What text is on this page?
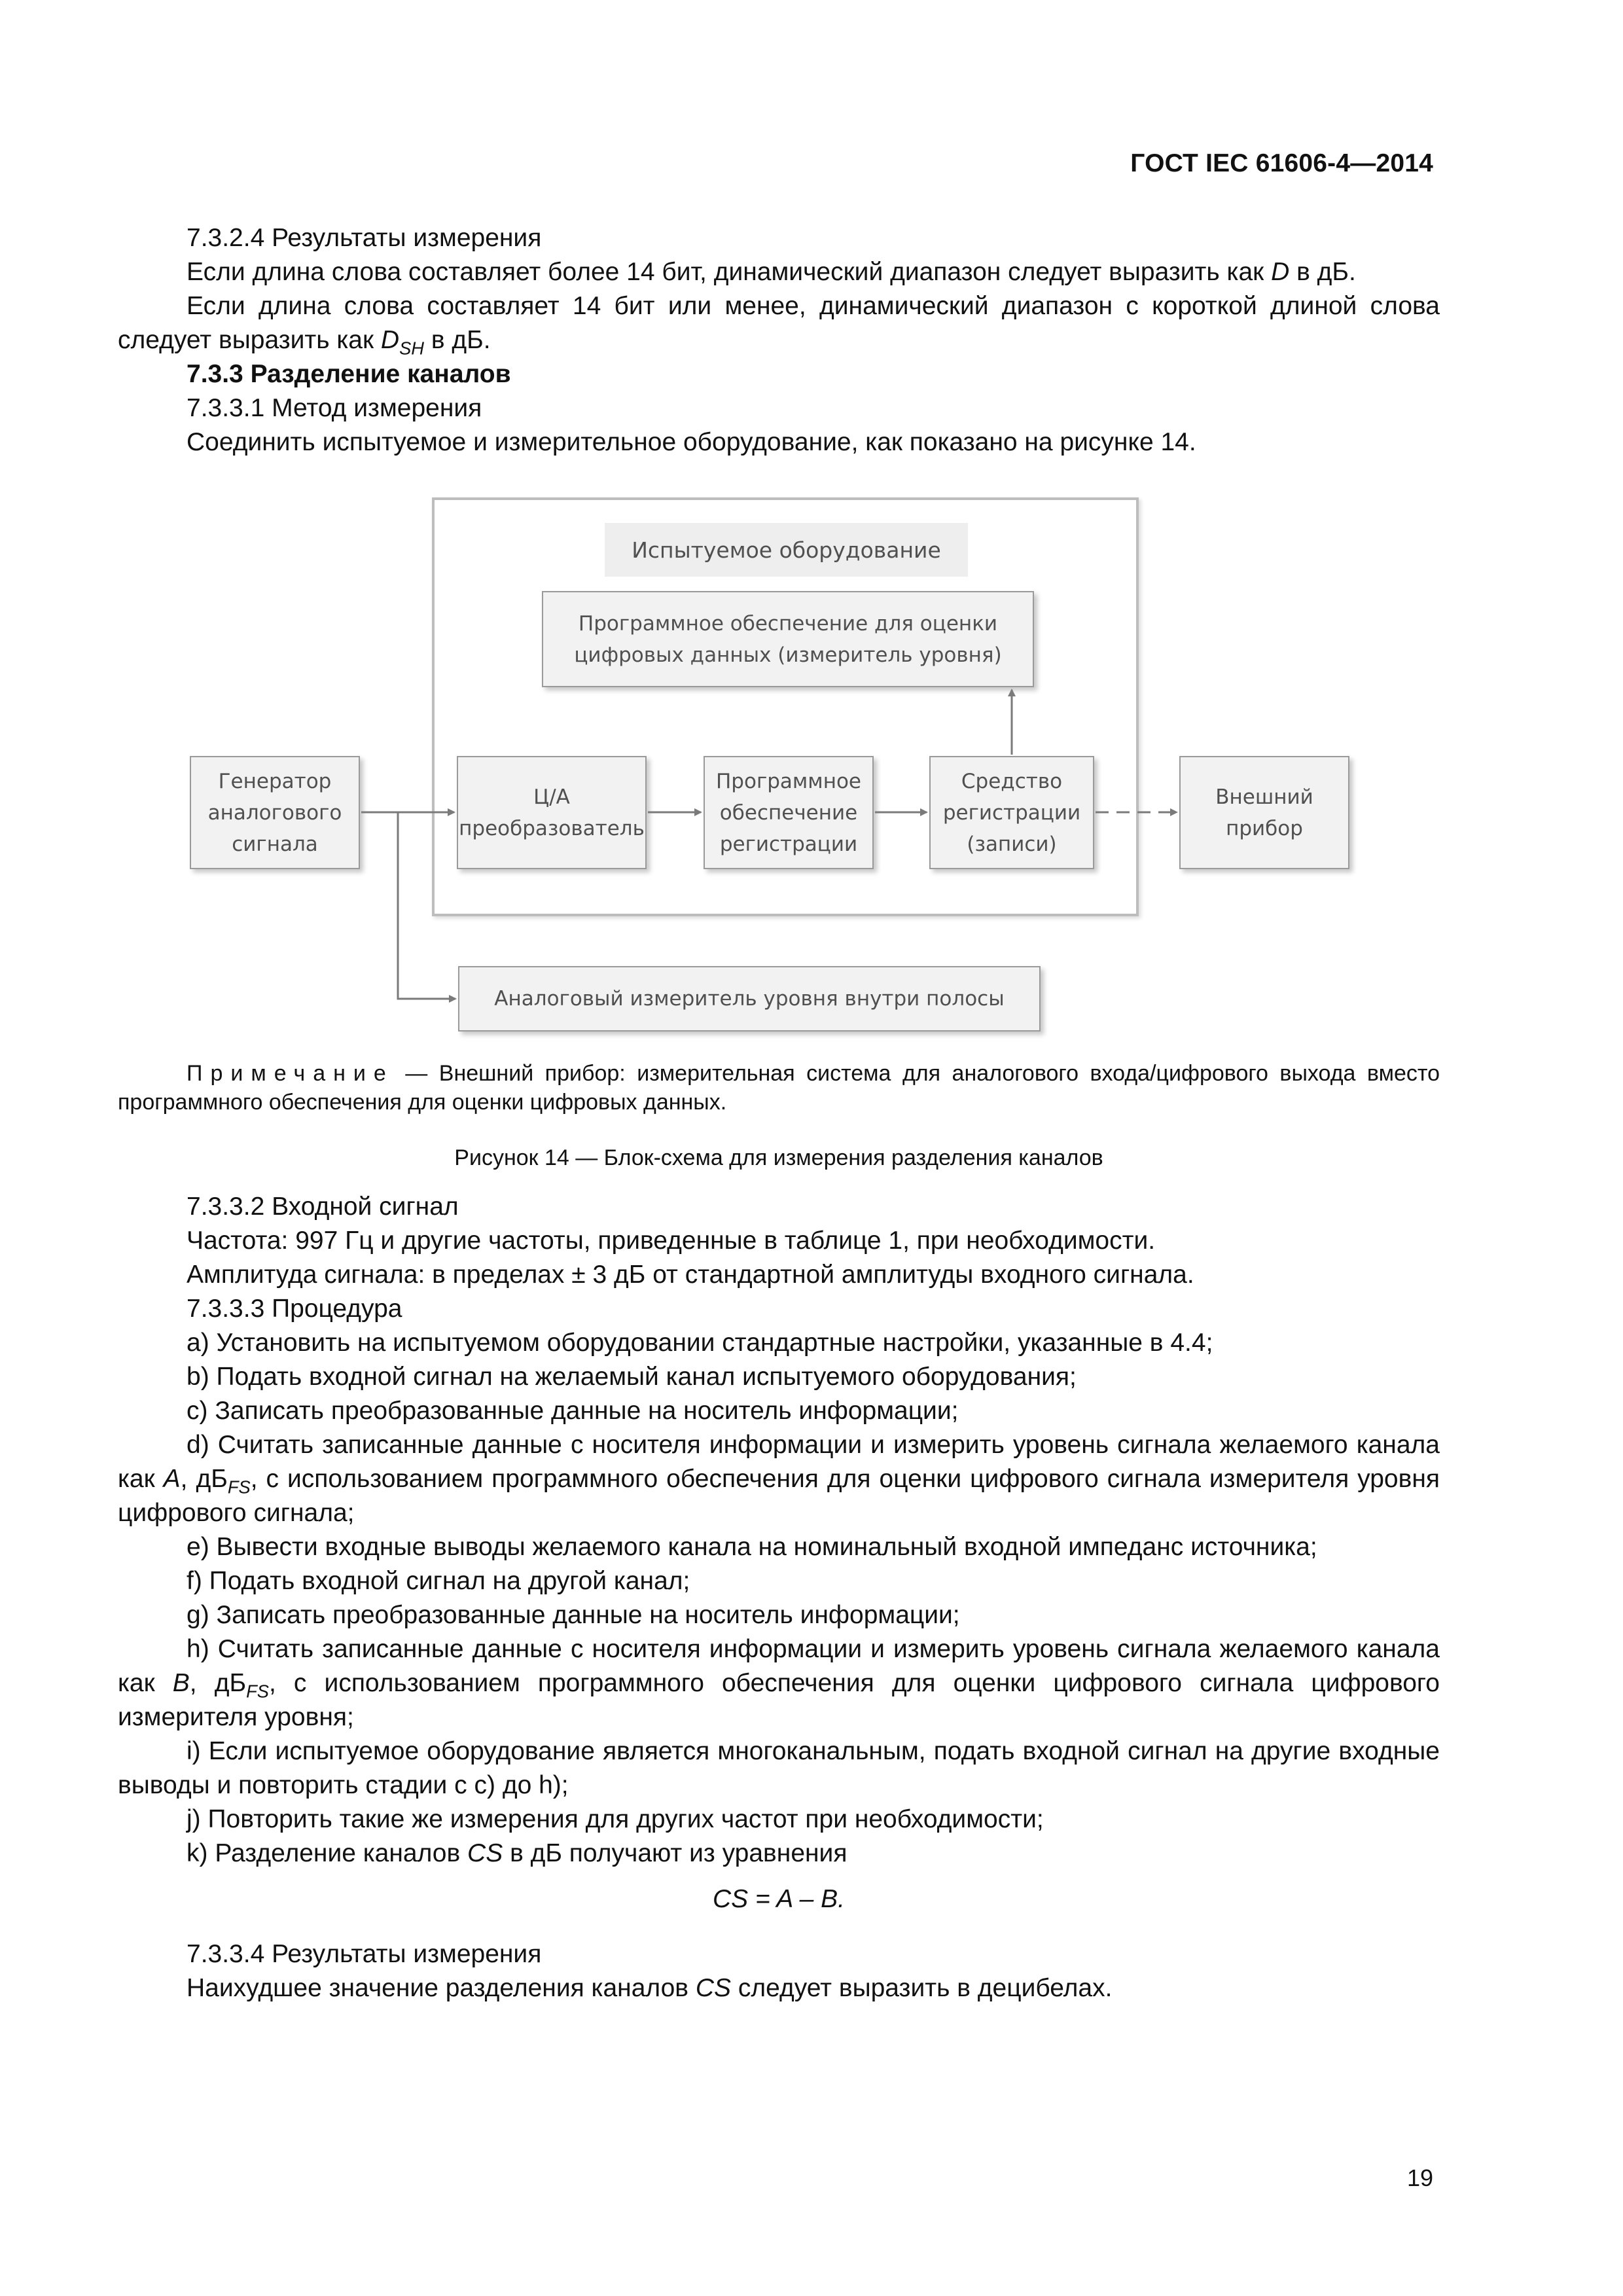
ГОСТ IEC 61606-4—2014

7.3.2.4 Результаты измерения

Если длина слова составляет более 14 бит, динамический диапазон следует выразить как D в дБ.

Если длина слова составляет 14 бит или менее, динамический диапазон с короткой длиной слова следует выразить как $D_{SH}$ в дБ.

7.3.3 Разделение каналов

7.3.3.1 Метод измерения

Соединить испытуемое и измерительное оборудование, как показано на рисунке 14.

Испытуемое оборудование
Программное обеспечение для оценки цифровых данных (измеритель уровня)
Генератор аналогового сигнала
Ц/А преобразователь
Программное обеспечение регистрации
Средство регистрации (записи)
Внешний прибор
Аналоговый измеритель уровня внутри полосы

Примечание — Внешний прибор: измерительная система для аналогового входа/цифрового выхода вместо программного обеспечения для оценки цифровых данных.

Рисунок 14 — Блок-схема для измерения разделения каналов

7.3.3.2 Входной сигнал

Частота: 997 Гц и другие частоты, приведенные в таблице 1, при необходимости.

Амплитуда сигнала: в пределах ± 3 дБ от стандартной амплитуды входного сигнала.

7.3.3.3 Процедура

a) Установить на испытуемом оборудовании стандартные настройки, указанные в 4.4;

b) Подать входной сигнал на желаемый канал испытуемого оборудования;

c) Записать преобразованные данные на носитель информации;

d) Считать записанные данные с носителя информации и измерить уровень сигнала желаемого канала как A, $дБ_{FS}$, с использованием программного обеспечения для оценки цифрового сигнала измерителя уровня цифрового сигнала;

e) Вывести входные выводы желаемого канала на номинальный входной импеданс источника;

f) Подать входной сигнал на другой канал;

g) Записать преобразованные данные на носитель информации;

h) Считать записанные данные с носителя информации и измерить уровень сигнала желаемого канала как B, $дБ_{FS}$, с использованием программного обеспечения для оценки цифрового сигнала цифрового измерителя уровня;

i) Если испытуемое оборудование является многоканальным, подать входной сигнал на другие входные выводы и повторить стадии с c) до h);

j) Повторить такие же измерения для других частот при необходимости;

k) Разделение каналов CS в дБ получают из уравнения

CS = A – B.

7.3.3.4 Результаты измерения

Наихудшее значение разделения каналов CS следует выразить в децибелах.

19
